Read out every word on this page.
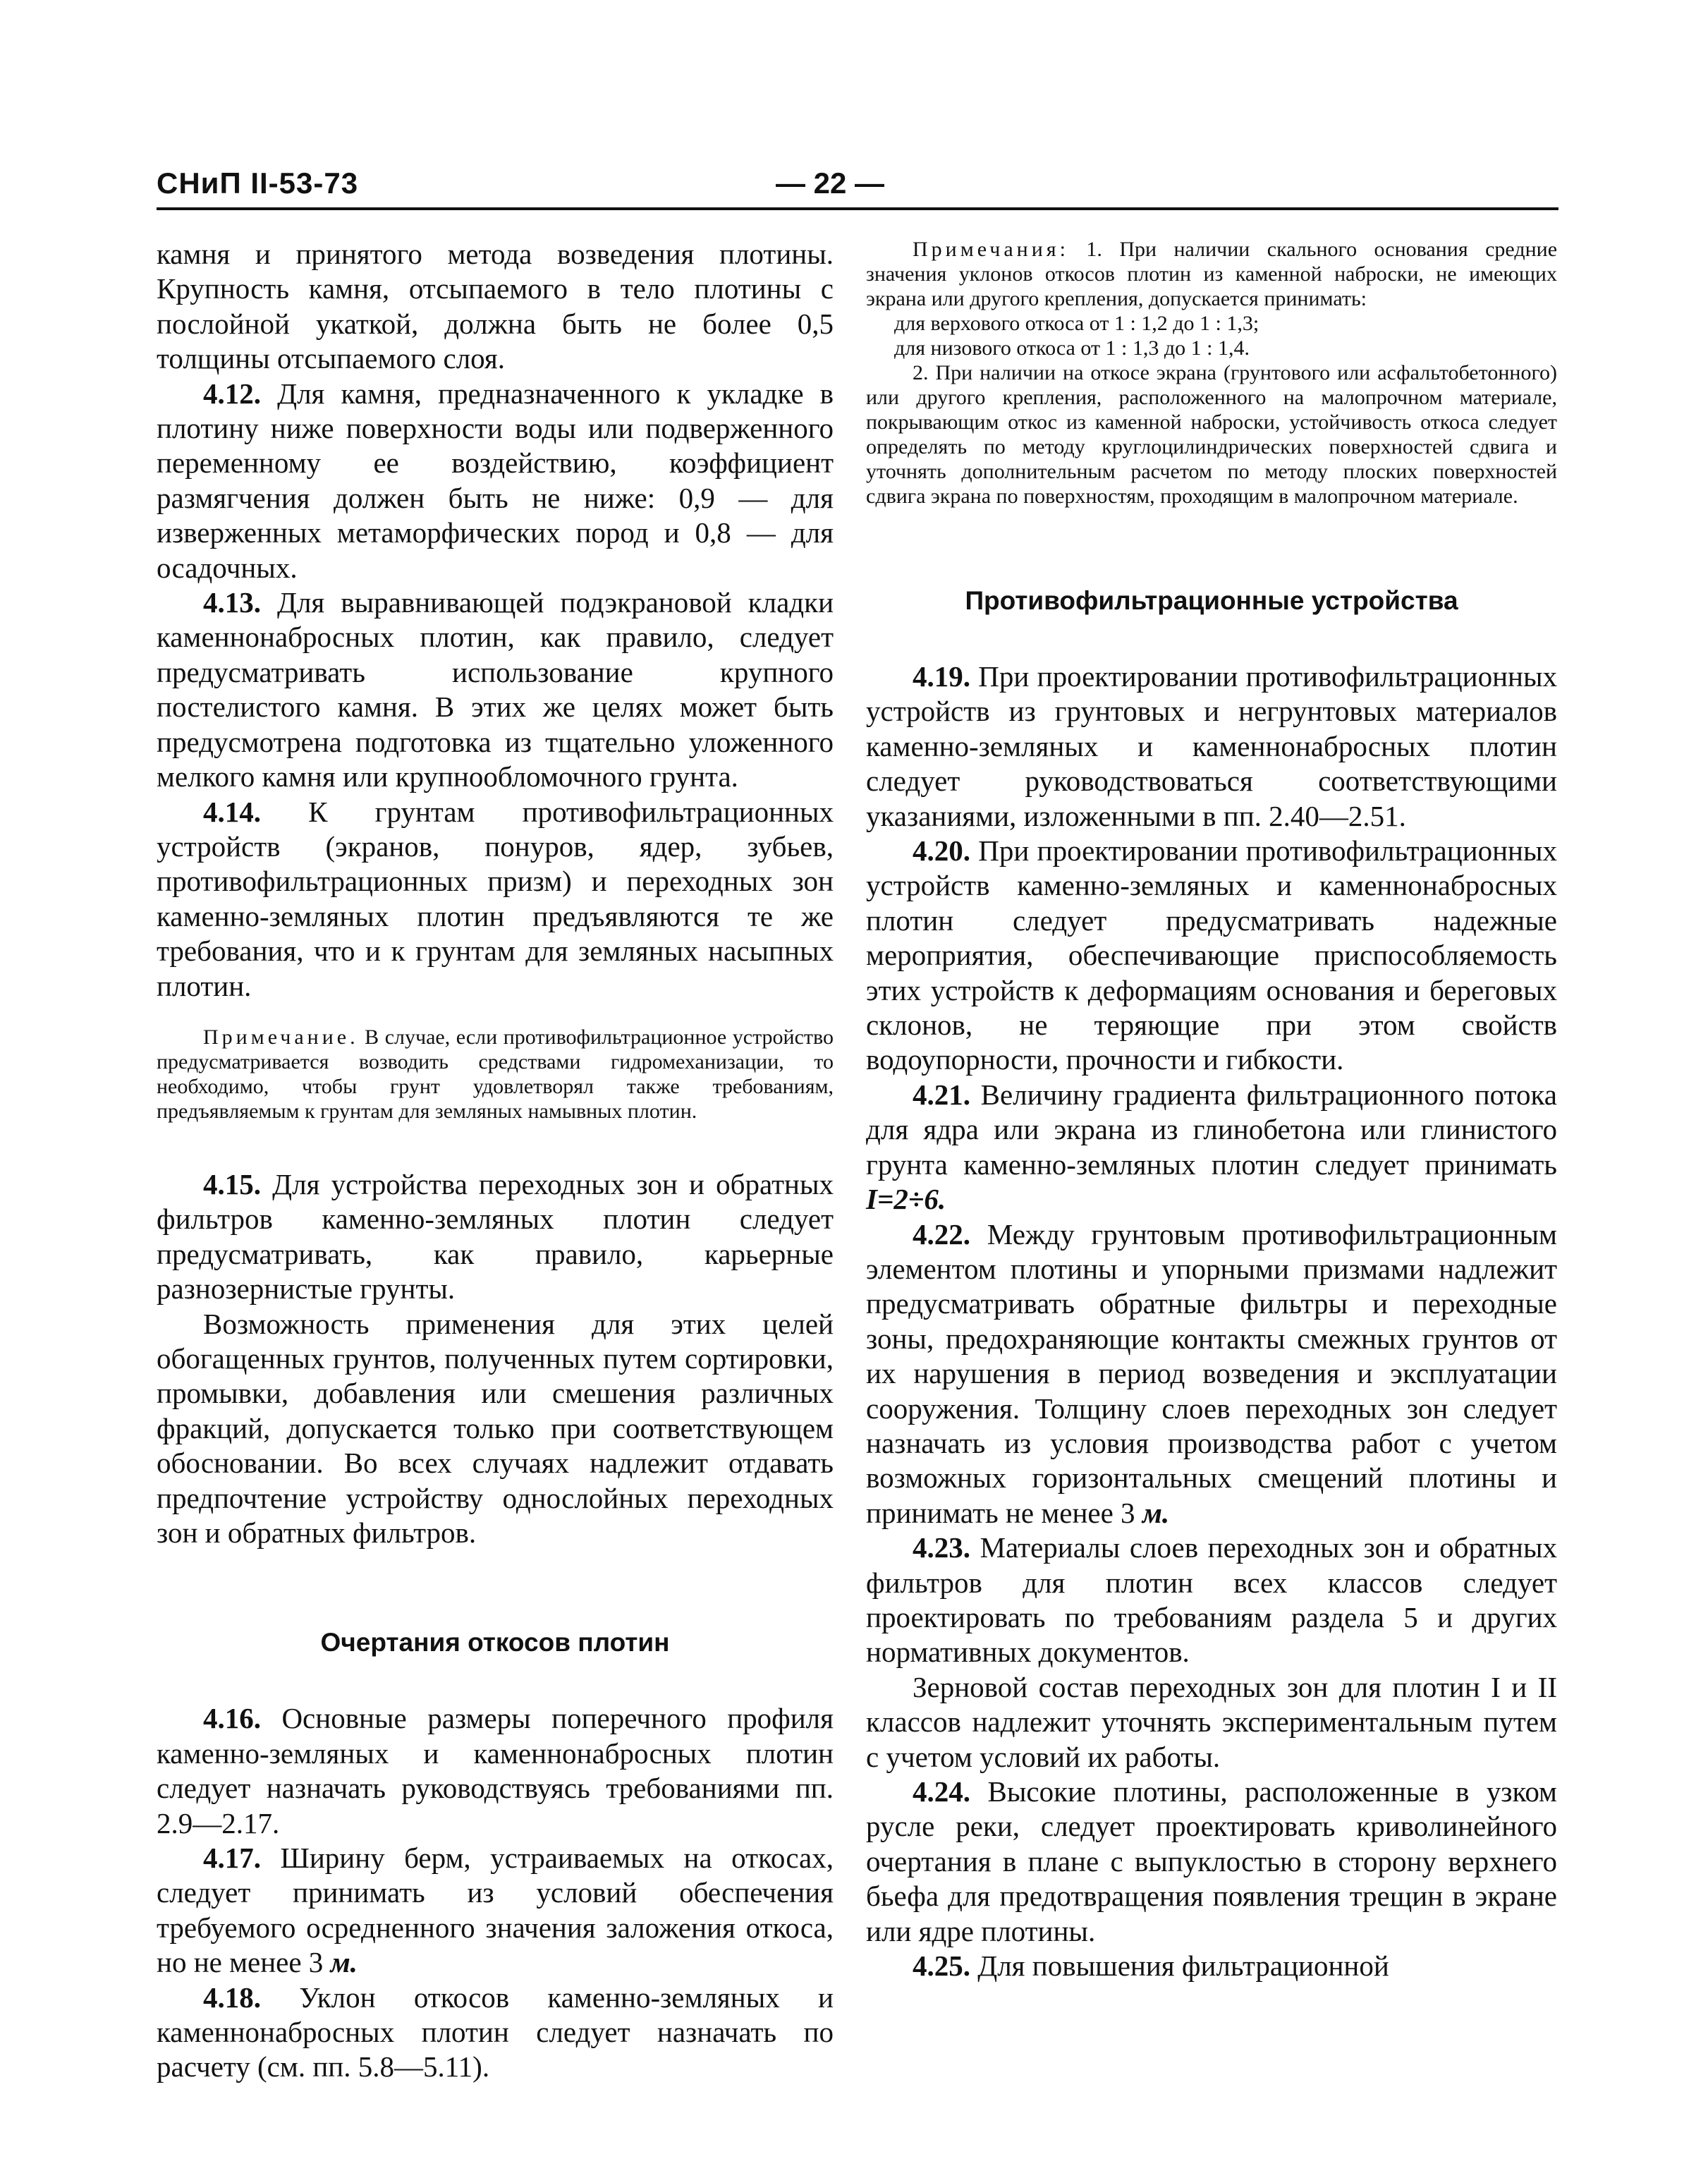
СНиП II-53-73	— 22 —

камня и принятого метода возведения плотины. Крупность камня, отсыпаемого в тело плотины с послойной укаткой, должна быть не более 0,5 толщины отсыпаемого слоя.

4.12. Для камня, предназначенного к укладке в плотину ниже поверхности воды или подверженного переменному ее воздействию, коэффициент размягчения должен быть не ниже: 0,9 — для изверженных метаморфических пород и 0,8 — для осадочных.

4.13. Для выравнивающей подэкрановой кладки каменнонабросных плотин, как правило, следует предусматривать использование крупного постелистого камня. В этих же целях может быть предусмотрена подготовка из тщательно уложенного мелкого камня или крупнообломочного грунта.

4.14. К грунтам противофильтрационных устройств (экранов, понуров, ядер, зубьев, противофильтрационных призм) и переходных зон каменно-земляных плотин предъявляются те же требования, что и к грунтам для земляных насыпных плотин.

Примечание. В случае, если противофильтрационное устройство предусматривается возводить средствами гидромеханизации, то необходимо, чтобы грунт удовлетворял также требованиям, предъявляемым к грунтам для земляных намывных плотин.

4.15. Для устройства переходных зон и обратных фильтров каменно-земляных плотин следует предусматривать, как правило, карьерные разнозернистые грунты.

Возможность применения для этих целей обогащенных грунтов, полученных путем сортировки, промывки, добавления или смешения различных фракций, допускается только при соответствующем обосновании. Во всех случаях надлежит отдавать предпочтение устройству однослойных переходных зон и обратных фильтров.

Очертания откосов плотин

4.16. Основные размеры поперечного профиля каменно-земляных и каменнонабросных плотин следует назначать руководствуясь требованиями пп. 2.9—2.17.

4.17. Ширину берм, устраиваемых на откосах, следует принимать из условий обеспечения требуемого осредненного значения заложения откоса, но не менее 3 м.

4.18. Уклон откосов каменно-земляных и каменнонабросных плотин следует назначать по расчету (см. пп. 5.8—5.11).

Примечания: 1. При наличии скального основания средние значения уклонов откосов плотин из каменной наброски, не имеющих экрана или другого крепления, допускается принимать:

для верхового откоса от 1 : 1,2 до 1 : 1,3;

для низового откоса от 1 : 1,3 до 1 : 1,4.

2. При наличии на откосе экрана (грунтового или асфальтобетонного) или другого крепления, расположенного на малопрочном материале, покрывающим откос из каменной наброски, устойчивость откоса следует определять по методу круглоцилиндрических поверхностей сдвига и уточнять дополнительным расчетом по методу плоских поверхностей сдвига экрана по поверхностям, проходящим в малопрочном материале.

Противофильтрационные устройства

4.19. При проектировании противофильтрационных устройств из грунтовых и негрунтовых материалов каменно-земляных и каменнонабросных плотин следует руководствоваться соответствующими указаниями, изложенными в пп. 2.40—2.51.

4.20. При проектировании противофильтрационных устройств каменно-земляных и каменнонабросных плотин следует предусматривать надежные мероприятия, обеспечивающие приспособляемость этих устройств к деформациям основания и береговых склонов, не теряющие при этом свойств водоупорности, прочности и гибкости.

4.21. Величину градиента фильтрационного потока для ядра или экрана из глинобетона или глинистого грунта каменно-земляных плотин следует принимать I=2÷6.

4.22. Между грунтовым противофильтрационным элементом плотины и упорными призмами надлежит предусматривать обратные фильтры и переходные зоны, предохраняющие контакты смежных грунтов от их нарушения в период возведения и эксплуатации сооружения. Толщину слоев переходных зон следует назначать из условия производства работ с учетом возможных горизонтальных смещений плотины и принимать не менее 3 м.

4.23. Материалы слоев переходных зон и обратных фильтров для плотин всех классов следует проектировать по требованиям раздела 5 и других нормативных документов.

Зерновой состав переходных зон для плотин I и II классов надлежит уточнять экспериментальным путем с учетом условий их работы.

4.24. Высокие плотины, расположенные в узком русле реки, следует проектировать криволинейного очертания в плане с выпуклостью в сторону верхнего бьефа для предотвращения появления трещин в экране или ядре плотины.

4.25. Для повышения фильтрационной
